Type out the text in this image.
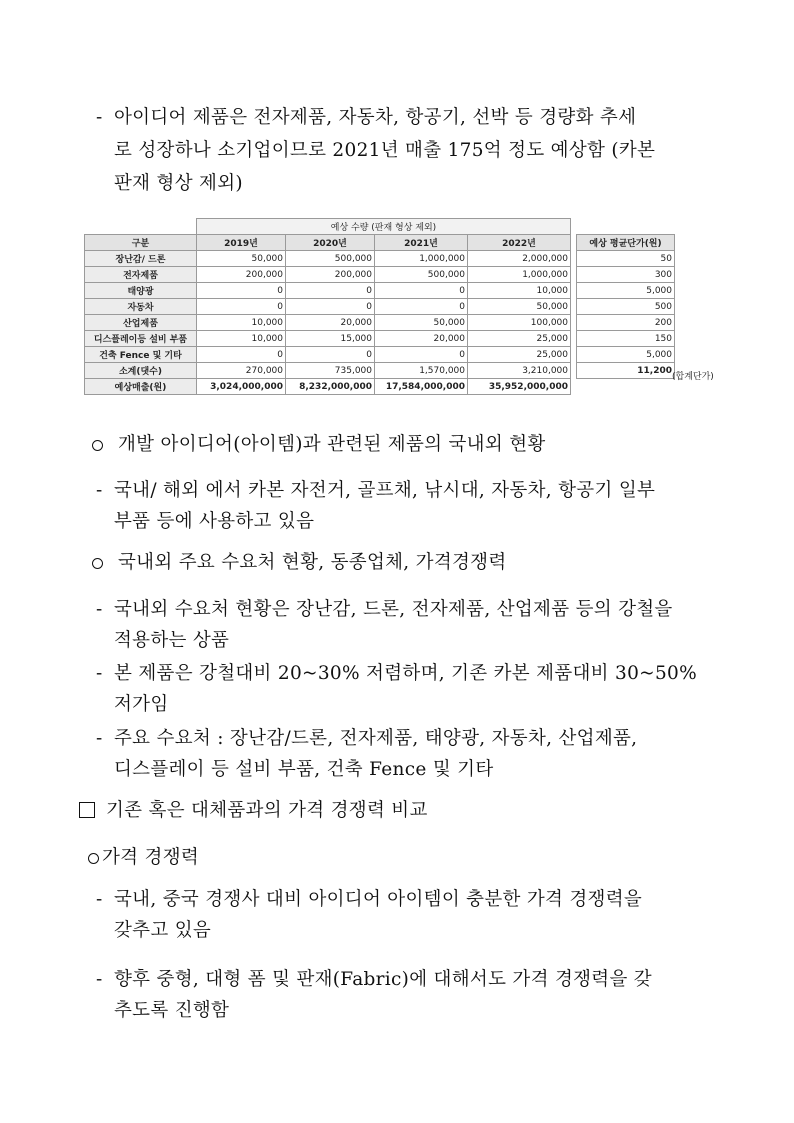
- 아이디어 제품은 전자제품, 자동차, 항공기, 선박 등 경량화 추세
로 성장하나 소기업이므로 2021년 매출 175억 정도 예상함 (카본
판재 형상 제외)
	예상 수량 (판재 형상 제외)					
구분	2019년	2020년	2021년	2022년		예상 평균단가(원)
장난감/ 드론	50,000	500,000	1,000,000	2,000,000		50
전자제품	200,000	200,000	500,000	1,000,000		300
태양광	0	0	0	10,000		5,000
자동차	0	0	0	50,000		500
산업제품	10,000	20,000	50,000	100,000		200
디스플레이등 설비 부품	10,000	15,000	20,000	25,000		150
건축 Fence 및 기타	0	0	0	25,000		5,000
소계(댓수)	270,000	735,000	1,570,000	3,210,000		11,200
예상매출(원)	3,024,000,000	8,232,000,000	17,584,000,000	35,952,000,000		
(합계단가)
개발 아이디어(아이템)과 관련된 제품의 국내외 현황
- 국내/ 해외 에서 카본 자전거, 골프채, 낚시대, 자동차, 항공기 일부
부품 등에 사용하고 있음
국내외 주요 수요처 현황, 동종업체, 가격경쟁력
- 국내외 수요처 현황은 장난감, 드론, 전자제품, 산업제품 등의 강철을
적용하는 상품
- 본 제품은 강철대비 20~30% 저렴하며, 기존 카본 제품대비 30~50%
저가임
- 주요 수요처 : 장난감/드론, 전자제품, 태양광, 자동차, 산업제품,
디스플레이 등 설비 부품, 건축 Fence 및 기타
기존 혹은 대체품과의 가격 경쟁력 비교
가격 경쟁력
- 국내, 중국 경쟁사 대비 아이디어 아이템이 충분한 가격 경쟁력을
갖추고 있음
- 향후 중형, 대형 폼 및 판재(Fabric)에 대해서도 가격 경쟁력을 갖
추도록 진행함
